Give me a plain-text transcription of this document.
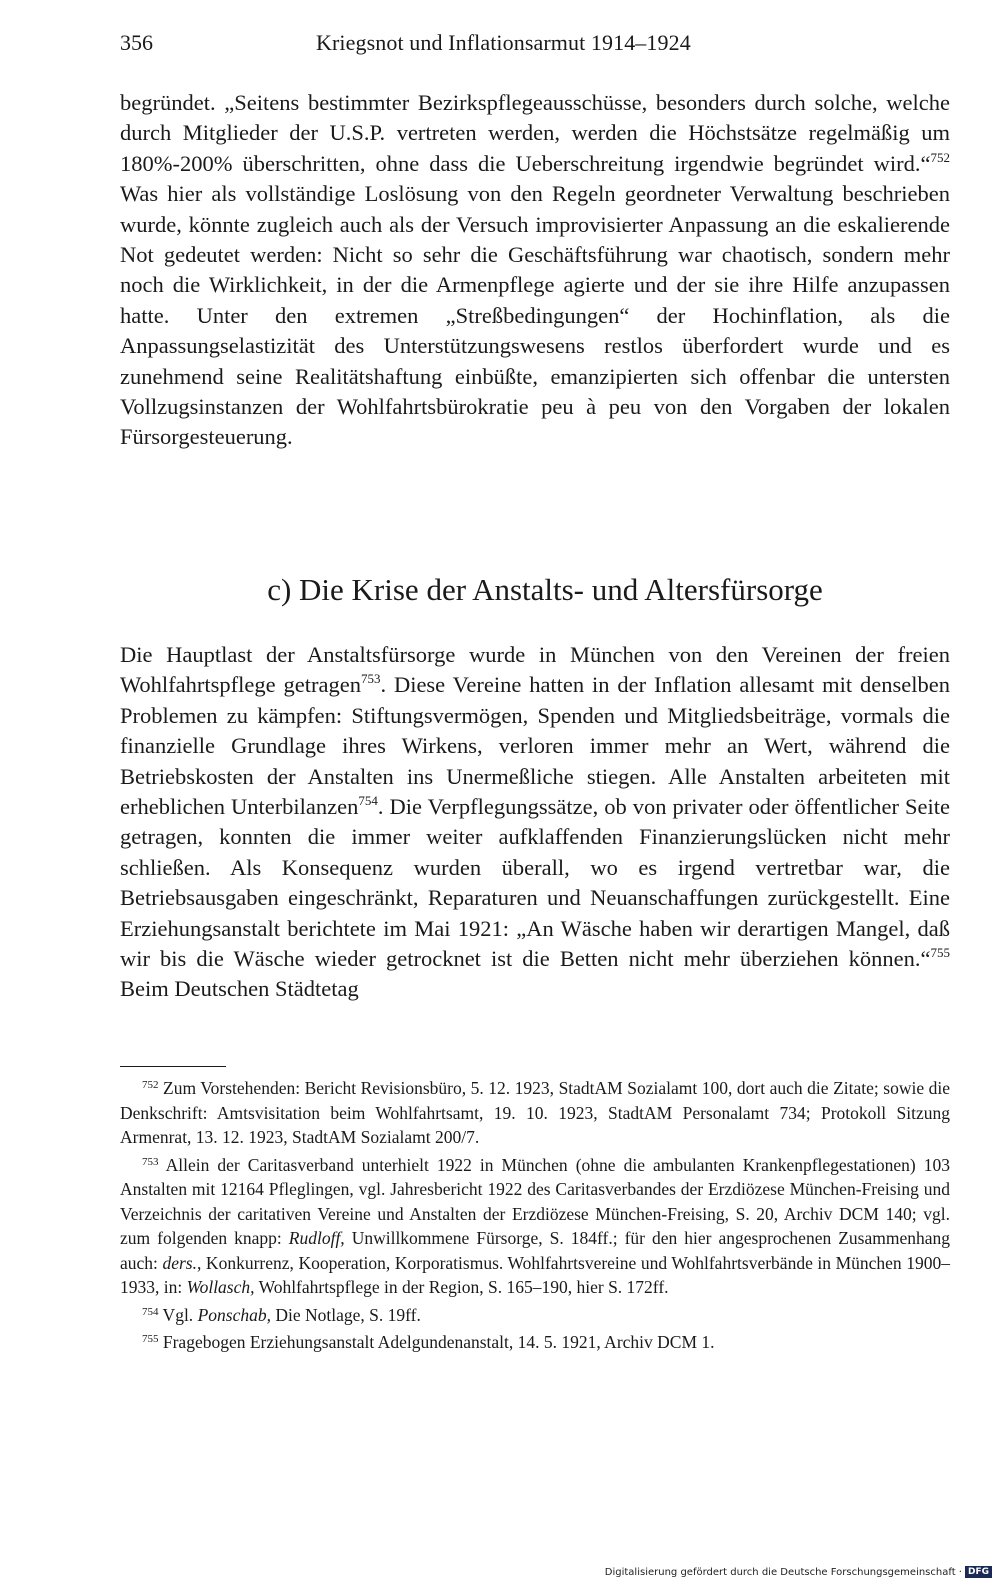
356	Kriegsnot und Inflationsarmut 1914–1924

begründet. „Seitens bestimmter Bezirkspflegeausschüsse, besonders durch solche, welche durch Mitglieder der U.S.P. vertreten werden, werden die Höchstsätze regelmäßig um 180%-200% überschritten, ohne dass die Ueberschreitung irgendwie begründet wird.“$^{752}$ Was hier als vollständige Loslösung von den Regeln geordneter Verwaltung beschrieben wurde, könnte zugleich auch als der Versuch improvisierter Anpassung an die eskalierende Not gedeutet werden: Nicht so sehr die Geschäftsführung war chaotisch, sondern mehr noch die Wirklichkeit, in der die Armenpflege agierte und der sie ihre Hilfe anzupassen hatte. Unter den extremen „Streßbedingungen“ der Hochinflation, als die Anpassungselastizität des Unterstützungswesens restlos überfordert wurde und es zunehmend seine Realitätshaftung einbüßte, emanzipierten sich offenbar die untersten Vollzugsinstanzen der Wohlfahrtsbürokratie peu à peu von den Vorgaben der lokalen Fürsorgesteuerung.

c) Die Krise der Anstalts- und Altersfürsorge

Die Hauptlast der Anstaltsfürsorge wurde in München von den Vereinen der freien Wohlfahrtspflege getragen$^{753}$. Diese Vereine hatten in der Inflation allesamt mit denselben Problemen zu kämpfen: Stiftungsvermögen, Spenden und Mitgliedsbeiträge, vormals die finanzielle Grundlage ihres Wirkens, verloren immer mehr an Wert, während die Betriebskosten der Anstalten ins Unermeßliche stiegen. Alle Anstalten arbeiteten mit erheblichen Unterbilanzen$^{754}$. Die Verpflegungssätze, ob von privater oder öffentlicher Seite getragen, konnten die immer weiter aufklaffenden Finanzierungslücken nicht mehr schließen. Als Konsequenz wurden überall, wo es irgend vertretbar war, die Betriebsausgaben eingeschränkt, Reparaturen und Neuanschaffungen zurückgestellt. Eine Erziehungsanstalt berichtete im Mai 1921: „An Wäsche haben wir derartigen Mangel, daß wir bis die Wäsche wieder getrocknet ist die Betten nicht mehr überziehen können.“$^{755}$ Beim Deutschen Städtetag

$^{752}$ Zum Vorstehenden: Bericht Revisionsbüro, 5. 12. 1923, StadtAM Sozialamt 100, dort auch die Zitate; sowie die Denkschrift: Amtsvisitation beim Wohlfahrtsamt, 19. 10. 1923, StadtAM Personalamt 734; Protokoll Sitzung Armenrat, 13. 12. 1923, StadtAM Sozialamt 200/7.

$^{753}$ Allein der Caritasverband unterhielt 1922 in München (ohne die ambulanten Krankenpflegestationen) 103 Anstalten mit 12164 Pfleglingen, vgl. Jahresbericht 1922 des Caritasverbandes der Erzdiözese München-Freising und Verzeichnis der caritativen Vereine und Anstalten der Erzdiözese München-Freising, S. 20, Archiv DCM 140; vgl. zum folgenden knapp: Rudloff, Unwillkommene Fürsorge, S. 184ff.; für den hier angesprochenen Zusammenhang auch: ders., Konkurrenz, Kooperation, Korporatismus. Wohlfahrtsvereine und Wohlfahrtsverbände in München 1900–1933, in: Wollasch, Wohlfahrtspflege in der Region, S. 165–190, hier S. 172ff.

$^{754}$ Vgl. Ponschab, Die Notlage, S. 19ff.

$^{755}$ Fragebogen Erziehungsanstalt Adelgundenanstalt, 14. 5. 1921, Archiv DCM 1.

Digitalisierung gefördert durch die Deutsche Forschungsgemeinschaft · DFG
